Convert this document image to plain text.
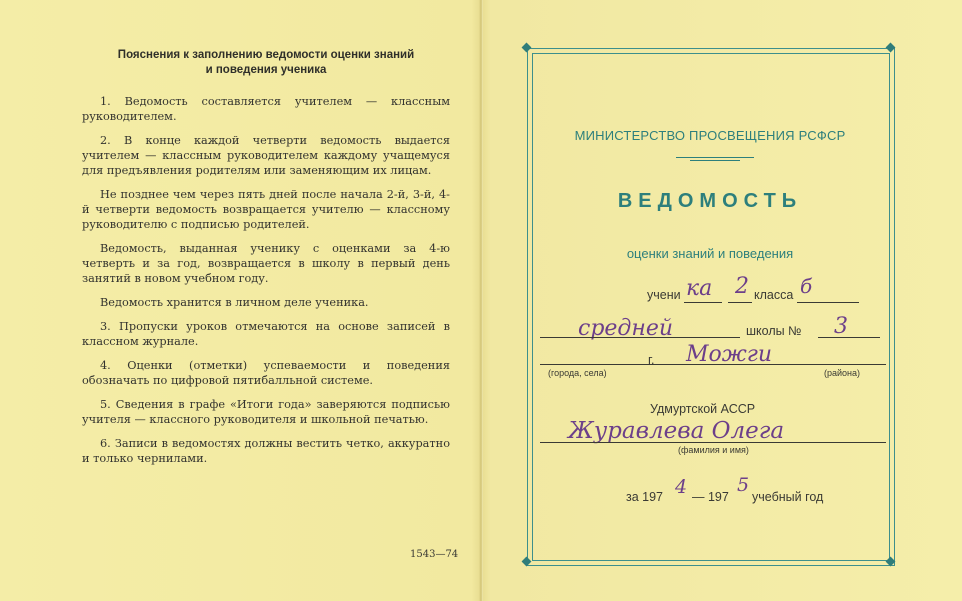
Пояснения к заполнению ведомости оценки знаний
и поведения ученика

1. Ведомость составляется учителем — классным руководителем.

2. В конце каждой четверти ведомость выдается учителем — классным руководителем каждому учащемуся для предъявления родителям или заменяющим их лицам.

Не позднее чем через пять дней после начала 2-й, 3-й, 4-й четверти ведомость возвращается учителю — классному руководителю с подписью родителей.

Ведомость, выданная ученику с оценками за 4-ю четверть и за год, возвращается в школу в первый день занятий в новом учебном году.

Ведомость хранится в личном деле ученика.

3. Пропуски уроков отмечаются на основе записей в классном журнале.

4. Оценки (отметки) успеваемости и поведения обозначать по цифровой пятибалльной системе.

5. Сведения в графе «Итоги года» заверяются подписью учителя — классного руководителя и школьной печатью.

6. Записи в ведомостях должны вестить четко, аккуратно и только чернилами.

1543—74
МИНИСТЕРСТВО ПРОСВЕЩЕНИЯ РСФСР
ВЕДОМОСТЬ
оценки знаний и поведения
учени ка 2 класса б
средней	школы № 3
г. Можги
(города, села)	(района)
Удмуртской АССР
Журавлева Олега
(фамилия и имя)
за 197 4 — 197
5
учебный год
